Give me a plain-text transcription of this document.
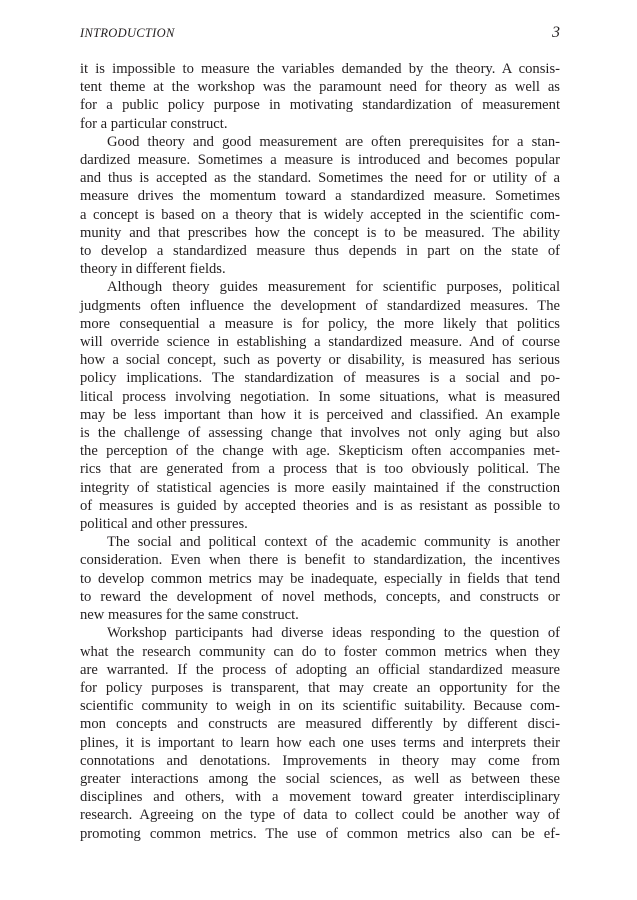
INTRODUCTION	3
it is impossible to measure the variables demanded by the theory. A consis-
tent theme at the workshop was the paramount need for theory as well as
for a public policy purpose in motivating standardization of measurement
for a particular construct.
Good theory and good measurement are often prerequisites for a stan-
dardized measure. Sometimes a measure is introduced and becomes popular
and thus is accepted as the standard. Sometimes the need for or utility of a
measure drives the momentum toward a standardized measure. Sometimes
a concept is based on a theory that is widely accepted in the scientific com-
munity and that prescribes how the concept is to be measured. The ability
to develop a standardized measure thus depends in part on the state of
theory in different fields.
Although theory guides measurement for scientific purposes, political
judgments often influence the development of standardized measures. The
more consequential a measure is for policy, the more likely that politics
will override science in establishing a standardized measure. And of course
how a social concept, such as poverty or disability, is measured has serious
policy implications. The standardization of measures is a social and po-
litical process involving negotiation. In some situations, what is measured
may be less important than how it is perceived and classified. An example
is the challenge of assessing change that involves not only aging but also
the perception of the change with age. Skepticism often accompanies met-
rics that are generated from a process that is too obviously political. The
integrity of statistical agencies is more easily maintained if the construction
of measures is guided by accepted theories and is as resistant as possible to
political and other pressures.
The social and political context of the academic community is another
consideration. Even when there is benefit to standardization, the incentives
to develop common metrics may be inadequate, especially in fields that tend
to reward the development of novel methods, concepts, and constructs or
new measures for the same construct.
Workshop participants had diverse ideas responding to the question of
what the research community can do to foster common metrics when they
are warranted. If the process of adopting an official standardized measure
for policy purposes is transparent, that may create an opportunity for the
scientific community to weigh in on its scientific suitability. Because com-
mon concepts and constructs are measured differently by different disci-
plines, it is important to learn how each one uses terms and interprets their
connotations and denotations. Improvements in theory may come from
greater interactions among the social sciences, as well as between these
disciplines and others, with a movement toward greater interdisciplinary
research. Agreeing on the type of data to collect could be another way of
promoting common metrics. The use of common metrics also can be ef-
